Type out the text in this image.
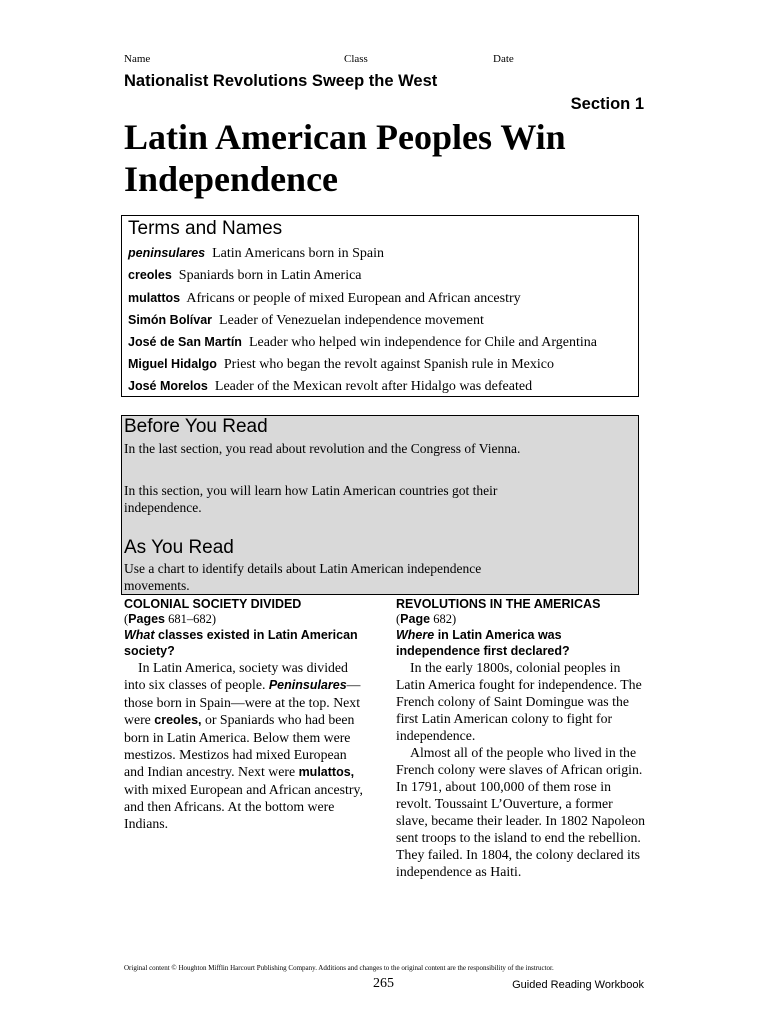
Name	Class	Date
Nationalist Revolutions Sweep the West
Section 1
Latin American Peoples Win Independence
Terms and Names
peninsulares Latin Americans born in Spain
creoles Spaniards born in Latin America
mulattos Africans or people of mixed European and African ancestry
Simón Bolívar Leader of Venezuelan independence movement
José de San Martín Leader who helped win independence for Chile and Argentina
Miguel Hidalgo Priest who began the revolt against Spanish rule in Mexico
José Morelos Leader of the Mexican revolt after Hidalgo was defeated
Before You Read
In the last section, you read about revolution and the Congress of Vienna.
In this section, you will learn how Latin American countries got their independence.
As You Read
Use a chart to identify details about Latin American independence movements.
COLONIAL SOCIETY DIVIDED
(Pages 681–682)
What classes existed in Latin American society?

In Latin America, society was divided into six classes of people. Peninsulares—those born in Spain—were at the top. Next were creoles, or Spaniards who had been born in Latin America. Below them were mestizos. Mestizos had mixed European and Indian ancestry. Next were mulattos, with mixed European and African ancestry, and then Africans. At the bottom were Indians.

REVOLUTIONS IN THE AMERICAS
(Page 682)
Where in Latin America was independence first declared?

In the early 1800s, colonial peoples in Latin America fought for independence. The French colony of Saint Domingue was the first Latin American colony to fight for independence.

Almost all of the people who lived in the French colony were slaves of African origin. In 1791, about 100,000 of them rose in revolt. Toussaint L’Ouverture, a former slave, became their leader. In 1802 Napoleon sent troops to the island to end the rebellion. They failed. In 1804, the colony declared its independence as Haiti.

Original content © Houghton Mifflin Harcourt Publishing Company. Additions and changes to the original content are the responsibility of the instructor.
265	Guided Reading Workbook
